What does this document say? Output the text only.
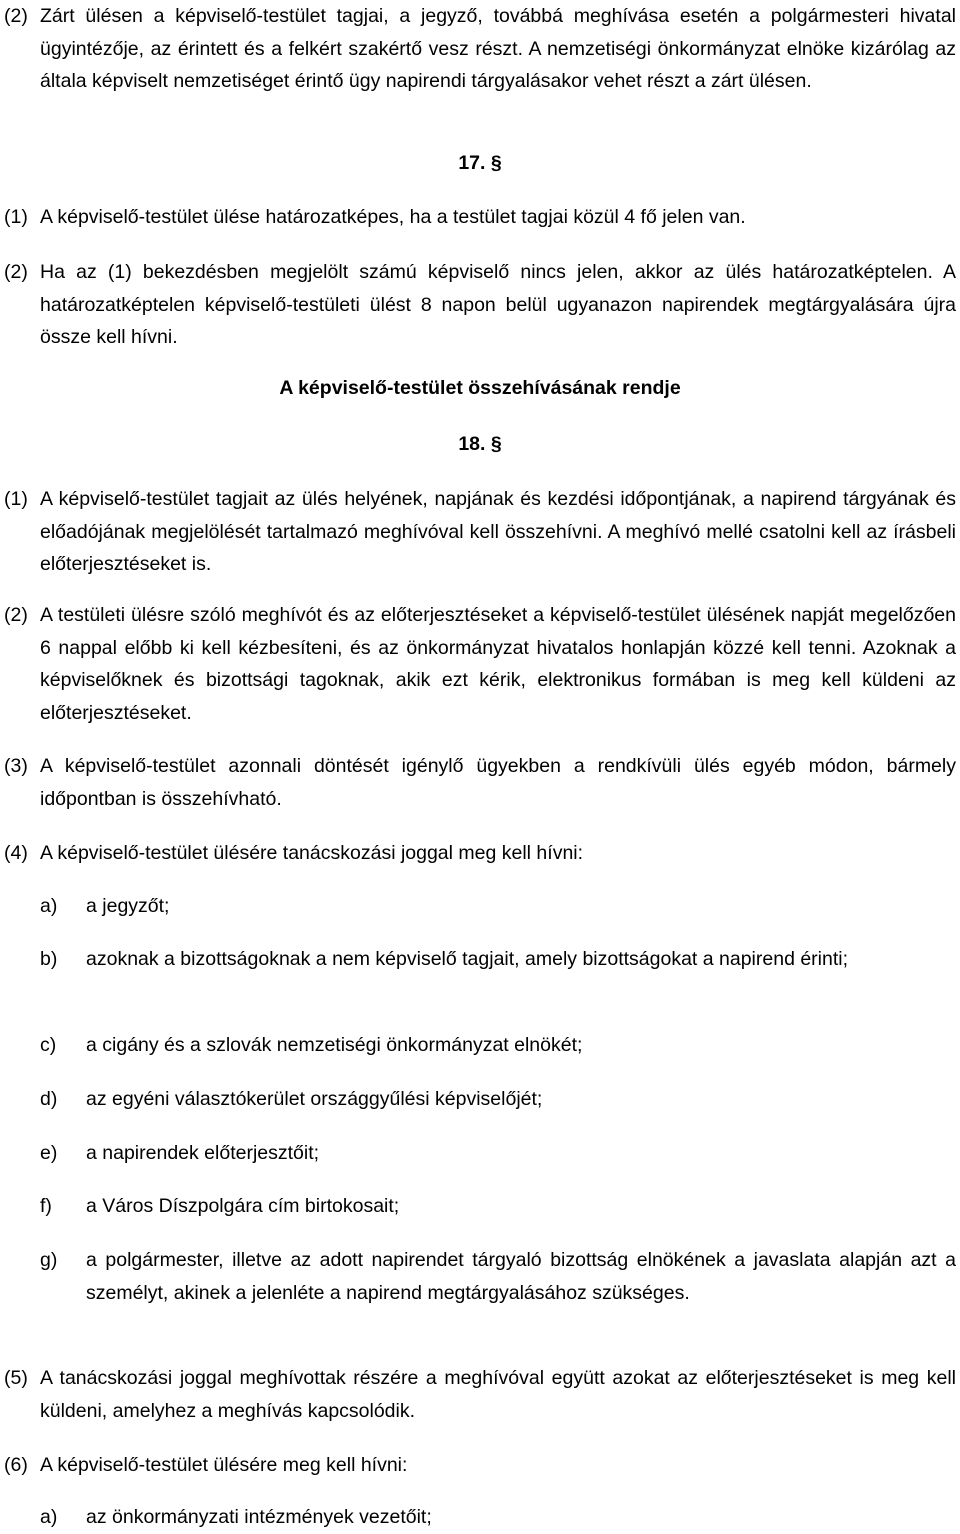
(2) Zárt ülésen a képviselő-testület tagjai, a jegyző, továbbá meghívása esetén a polgármesteri hivatal ügyintézője, az érintett és a felkért szakértő vesz részt. A nemzetiségi önkormányzat elnöke kizárólag az általa képviselt nemzetiséget érintő ügy napirendi tárgyalásakor vehet részt a zárt ülésen.
17. §
(1) A képviselő-testület ülése határozatképes, ha a testület tagjai közül 4 fő jelen van.
(2) Ha az (1) bekezdésben megjelölt számú képviselő nincs jelen, akkor az ülés határozatképtelen. A határozatképtelen képviselő-testületi ülést 8 napon belül ugyanazon napirendek megtárgyalására újra össze kell hívni.
A képviselő-testület összehívásának rendje
18. §
(1) A képviselő-testület tagjait az ülés helyének, napjának és kezdési időpontjának, a napirend tárgyának és előadójának megjelölését tartalmazó meghívóval kell összehívni. A meghívó mellé csatolni kell az írásbeli előterjesztéseket is.
(2) A testületi ülésre szóló meghívót és az előterjesztéseket a képviselő-testület ülésének napját megelőzően 6 nappal előbb ki kell kézbesíteni, és az önkormányzat hivatalos honlapján közzé kell tenni. Azoknak a képviselőknek és bizottsági tagoknak, akik ezt kérik, elektronikus formában is meg kell küldeni az előterjesztéseket.
(3) A képviselő-testület azonnali döntését igénylő ügyekben a rendkívüli ülés egyéb módon, bármely időpontban is összehívható.
(4) A képviselő-testület ülésére tanácskozási joggal meg kell hívni:
a)	a jegyzőt;
b)	azoknak a bizottságoknak a nem képviselő tagjait, amely bizottságokat a napirend érinti;
c)	a cigány és a szlovák nemzetiségi önkormányzat elnökét;
d)	az egyéni választókerület országgyűlési képviselőjét;
e)	a napirendek előterjesztőit;
f)	a Város Díszpolgára cím birtokosait;
g)	a polgármester, illetve az adott napirendet tárgyaló bizottság elnökének a javaslata alapján azt a személyt, akinek a jelenléte a napirend megtárgyalásához szükséges.
(5) A tanácskozási joggal meghívottak részére a meghívóval együtt azokat az előterjesztéseket is meg kell küldeni, amelyhez a meghívás kapcsolódik.
(6) A képviselő-testület ülésére meg kell hívni:
a)	az önkormányzati intézmények vezetőit;
